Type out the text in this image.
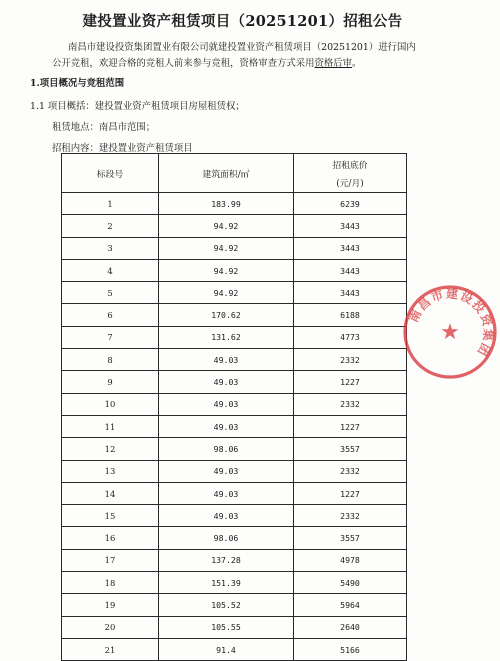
建投置业资产租赁项目（20251201）招租公告

南昌市建设投资集团置业有限公司就建投置业资产租赁项目（20251201）进行国内
公开竞租，欢迎合格的竞租人前来参与竞租，资格审查方式采用资格后审。

1.项目概况与竞租范围
1.1 项目概括：建投置业资产租赁项目房屋租赁权；
租赁地点：南昌市范围；
招租内容：建投置业资产租赁项目
标段号	建筑面积/㎡	招租底价
(元/月)

1	183.99	6239
2	94.92	3443
3	94.92	3443
4	94.92	3443
5	94.92	3443
6	170.62	6188
7	131.62	4773
8	49.03	2332
9	49.03	1227
10	49.03	2332
11	49.03	1227
12	98.06	3557
13	49.03	2332
14	49.03	1227
15	49.03	2332
16	98.06	3557
17	137.28	4978
18	151.39	5490
19	105.52	5964
20	105.55	2640
21	91.4	5166
南昌市建设投资集团
★
